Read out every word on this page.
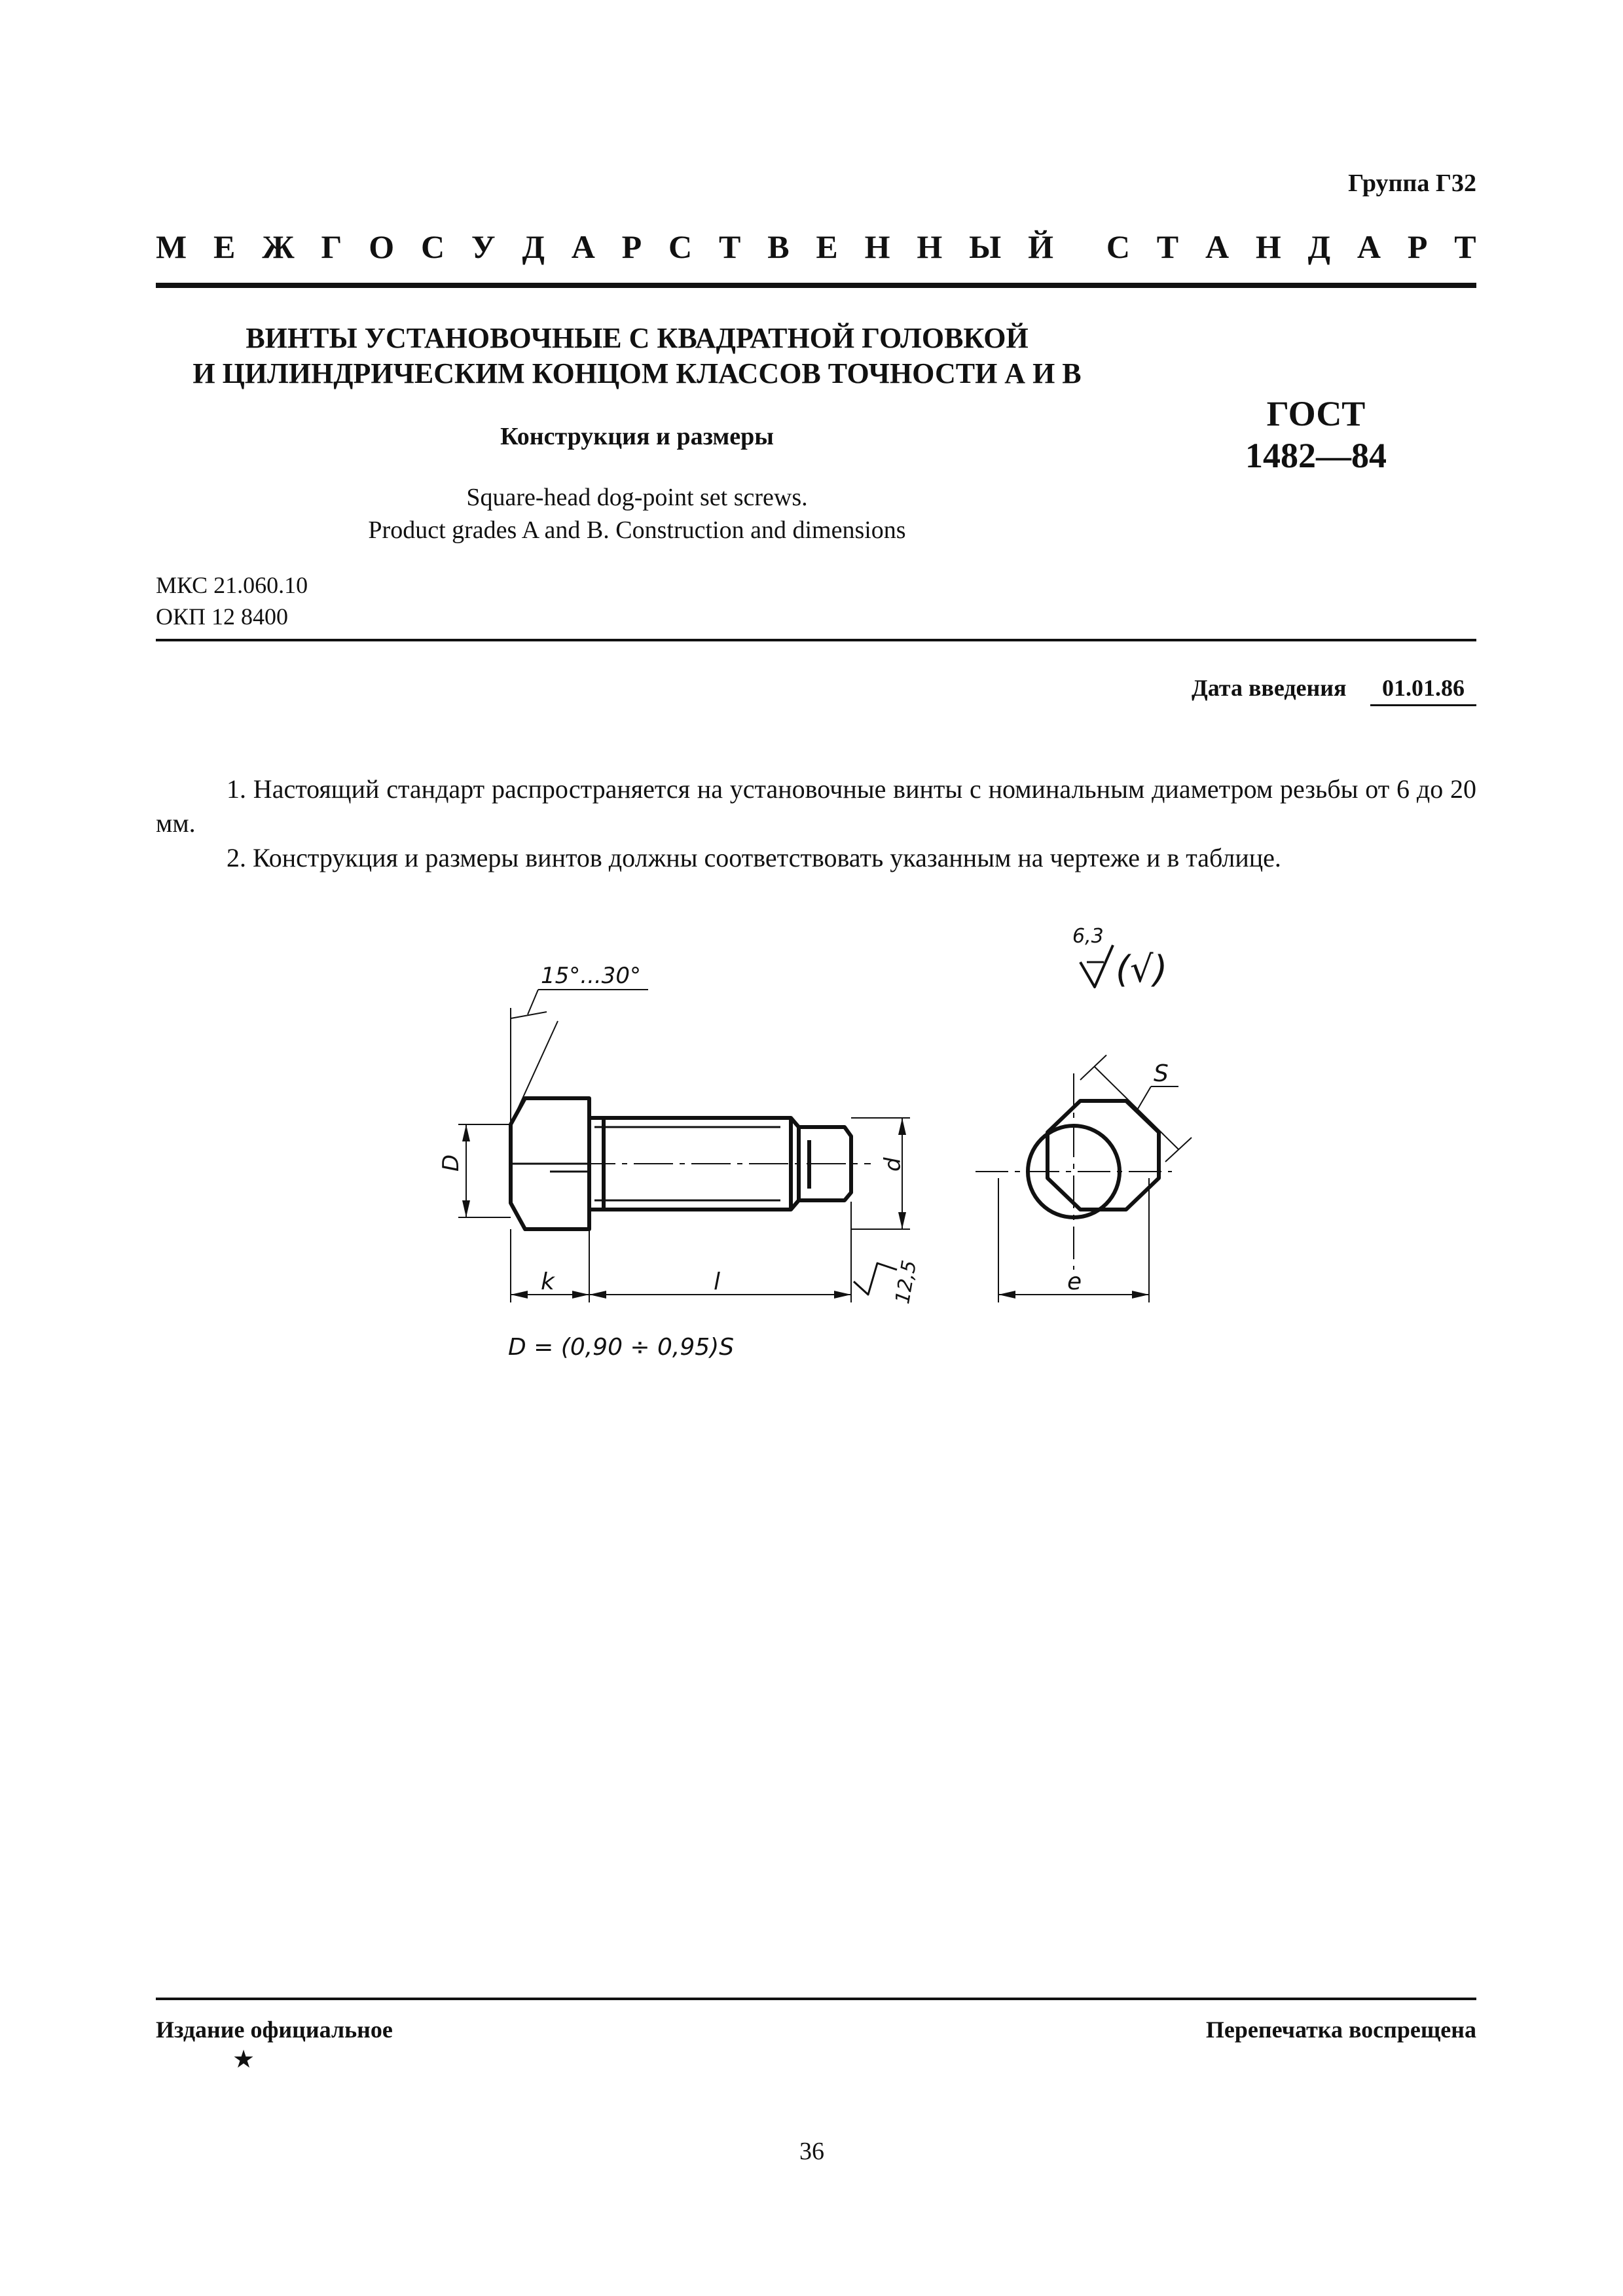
Группа Г32
М Е Ж Г О С У Д А Р С Т В Е Н Н Ы Й С Т А Н Д А Р Т
ВИНТЫ УСТАНОВОЧНЫЕ С КВАДРАТНОЙ ГОЛОВКОЙ
И ЦИЛИНДРИЧЕСКИМ КОНЦОМ КЛАССОВ ТОЧНОСТИ А И В
Конструкция и размеры
ГОСТ
1482—84
Square-head dog-point set screws.
Product grades A and B. Construction and dimensions
МКС 21.060.10
ОКП 12 8400
Дата введения	01.01.86
1. Настоящий стандарт распространяется на установочные винты с номинальным диаметром резьбы от 6 до 20 мм.
2. Конструкция и размеры винтов должны соответствовать указанным на чертеже и в таблице.
15°...30°
6,3
(√)
D	d
k	l	12,5
S
e
D = (0,90 ÷ 0,95)S
Издание официальное	Перепечатка воспрещена
★
36
